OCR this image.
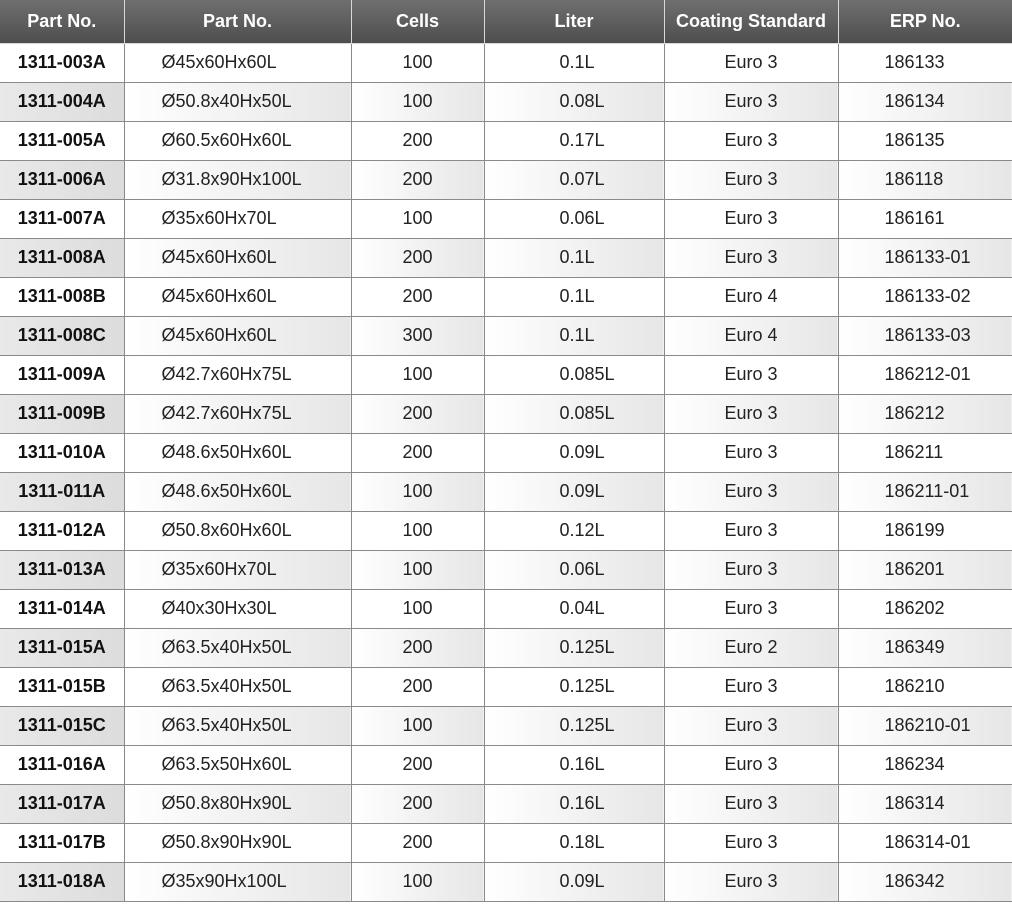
Part No.	Part No.	Cells	Liter	Coating Standard	ERP No.
1311-003A	Ø45x60Hx60L	100	0.1L	Euro 3	186133
1311-004A	Ø50.8x40Hx50L	100	0.08L	Euro 3	186134
1311-005A	Ø60.5x60Hx60L	200	0.17L	Euro 3	186135
1311-006A	Ø31.8x90Hx100L	200	0.07L	Euro 3	186118
1311-007A	Ø35x60Hx70L	100	0.06L	Euro 3	186161
1311-008A	Ø45x60Hx60L	200	0.1L	Euro 3	186133-01
1311-008B	Ø45x60Hx60L	200	0.1L	Euro 4	186133-02
1311-008C	Ø45x60Hx60L	300	0.1L	Euro 4	186133-03
1311-009A	Ø42.7x60Hx75L	100	0.085L	Euro 3	186212-01
1311-009B	Ø42.7x60Hx75L	200	0.085L	Euro 3	186212
1311-010A	Ø48.6x50Hx60L	200	0.09L	Euro 3	186211
1311-011A	Ø48.6x50Hx60L	100	0.09L	Euro 3	186211-01
1311-012A	Ø50.8x60Hx60L	100	0.12L	Euro 3	186199
1311-013A	Ø35x60Hx70L	100	0.06L	Euro 3	186201
1311-014A	Ø40x30Hx30L	100	0.04L	Euro 3	186202
1311-015A	Ø63.5x40Hx50L	200	0.125L	Euro 2	186349
1311-015B	Ø63.5x40Hx50L	200	0.125L	Euro 3	186210
1311-015C	Ø63.5x40Hx50L	100	0.125L	Euro 3	186210-01
1311-016A	Ø63.5x50Hx60L	200	0.16L	Euro 3	186234
1311-017A	Ø50.8x80Hx90L	200	0.16L	Euro 3	186314
1311-017B	Ø50.8x90Hx90L	200	0.18L	Euro 3	186314-01
1311-018A	Ø35x90Hx100L	100	0.09L	Euro 3	186342
